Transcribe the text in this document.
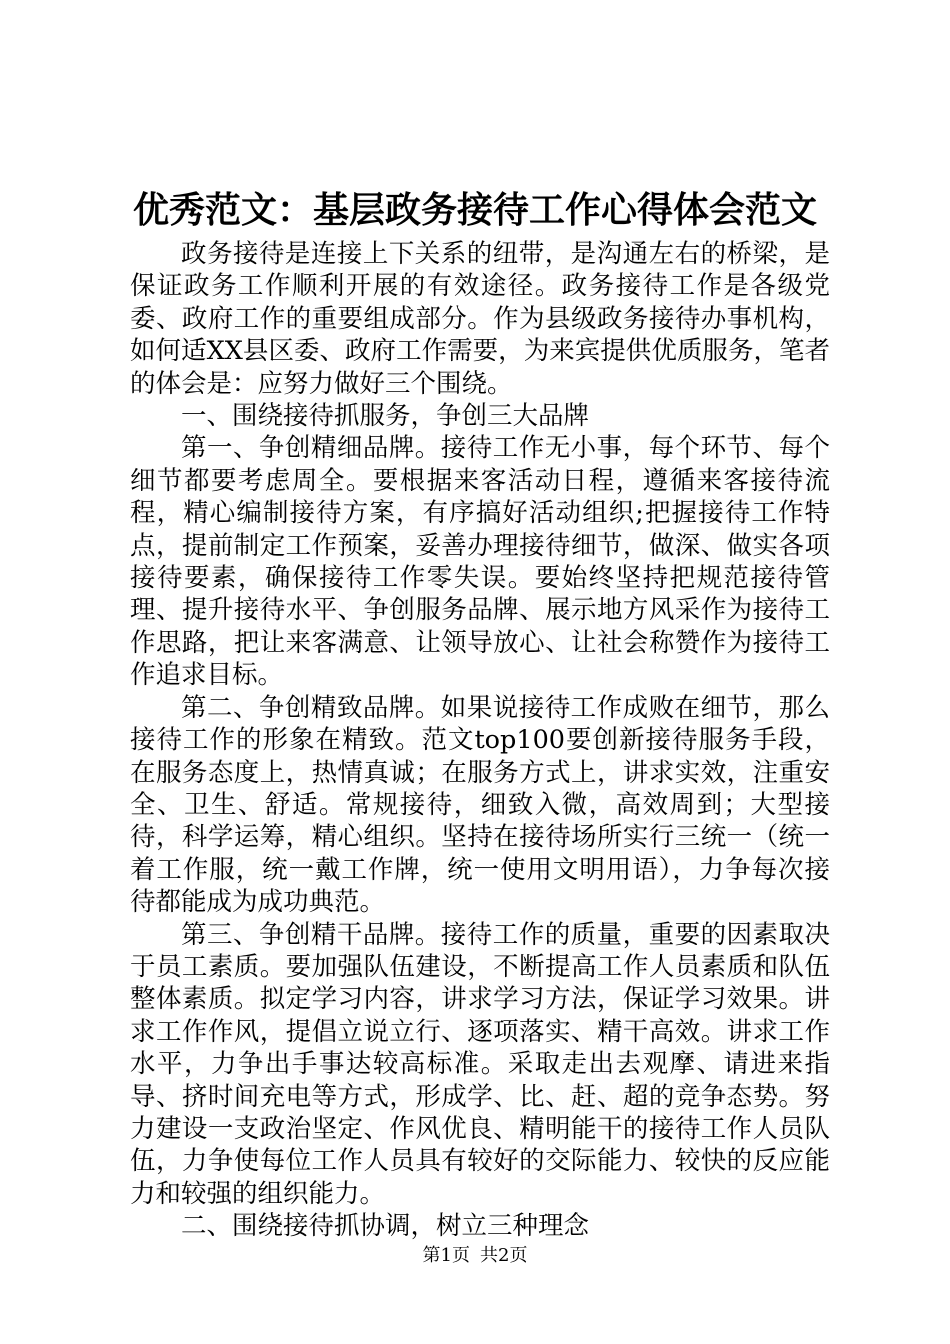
优秀范文：基层政务接待工作心得体会范文

政务接待是连接上下关系的纽带，是沟通左右的桥梁，是保证政务工作顺利开展的有效途径。政务接待工作是各级党委、政府工作的重要组成部分。作为县级政务接待办事机构，如何适XX县区委、政府工作需要，为来宾提供优质服务，笔者的体会是：应努力做好三个围绕。

一、围绕接待抓服务，争创三大品牌

第一、争创精细品牌。接待工作无小事，每个环节、每个细节都要考虑周全。要根据来客活动日程，遵循来客接待流程，精心编制接待方案，有序搞好活动组织;把握接待工作特点，提前制定工作预案，妥善办理接待细节，做深、做实各项接待要素，确保接待工作零失误。要始终坚持把规范接待管理、提升接待水平、争创服务品牌、展示地方风采作为接待工作思路，把让来客满意、让领导放心、让社会称赞作为接待工作追求目标。

第二、争创精致品牌。如果说接待工作成败在细节，那么接待工作的形象在精致。范文top100要创新接待服务手段，在服务态度上，热情真诚；在服务方式上，讲求实效，注重安全、卫生、舒适。常规接待，细致入微，高效周到；大型接待，科学运筹，精心组织。坚持在接待场所实行三统一（统一着工作服，统一戴工作牌，统一使用文明用语），力争每次接待都能成为成功典范。

第三、争创精干品牌。接待工作的质量，重要的因素取决于员工素质。要加强队伍建设，不断提高工作人员素质和队伍整体素质。拟定学习内容，讲求学习方法，保证学习效果。讲求工作作风，提倡立说立行、逐项落实、精干高效。讲求工作水平，力争出手事达较高标准。采取走出去观摩、请进来指导、挤时间充电等方式，形成学、比、赶、超的竞争态势。努力建设一支政治坚定、作风优良、精明能干的接待工作人员队伍，力争使每位工作人员具有较好的交际能力、较快的反应能力和较强的组织能力。

二、围绕接待抓协调，树立三种理念

第1页 共2页
